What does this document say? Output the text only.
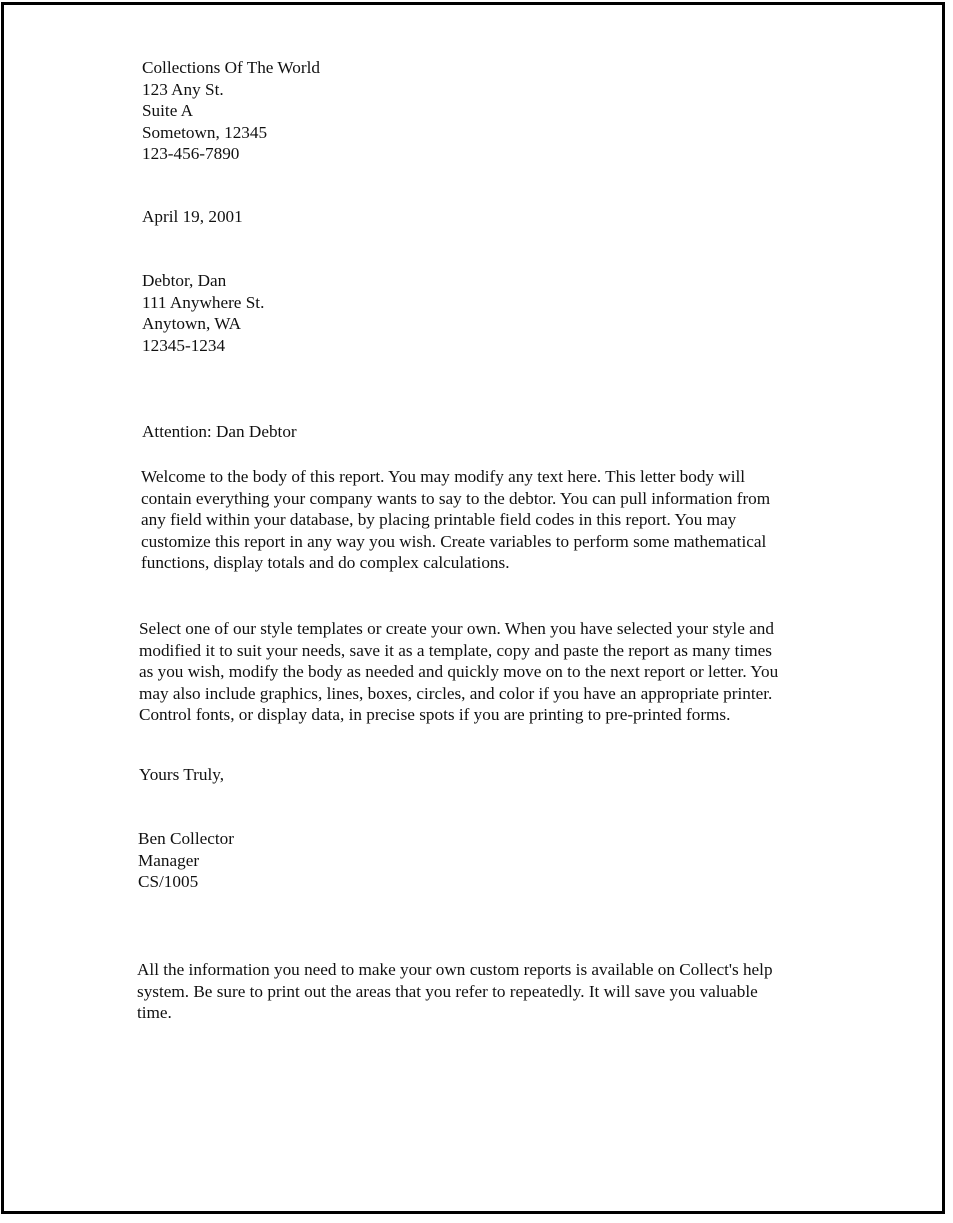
Collections Of The World
123 Any St.
Suite A
Sometown, 12345
123-456-7890
April 19, 2001
Debtor, Dan
111 Anywhere St.
Anytown, WA
12345-1234
Attention: Dan Debtor
Welcome to the body of this report. You may modify any text here. This letter body will
contain everything your company wants to say to the debtor. You can pull information from
any field within your database, by placing printable field codes in this report. You may
customize this report in any way you wish. Create variables to perform some mathematical
functions, display totals and do complex calculations.
Select one of our style templates or create your own. When you have selected your style and
modified it to suit your needs, save it as a template, copy and paste the report as many times
as you wish, modify the body as needed and quickly move on to the next report or letter. You
may also include graphics, lines, boxes, circles, and color if you have an appropriate printer.
Control fonts, or display data, in precise spots if you are printing to pre-printed forms.
Yours Truly,
Ben Collector
Manager
CS/1005
All the information you need to make your own custom reports is available on Collect's help
system. Be sure to print out the areas that you refer to repeatedly. It will save you valuable
time.
